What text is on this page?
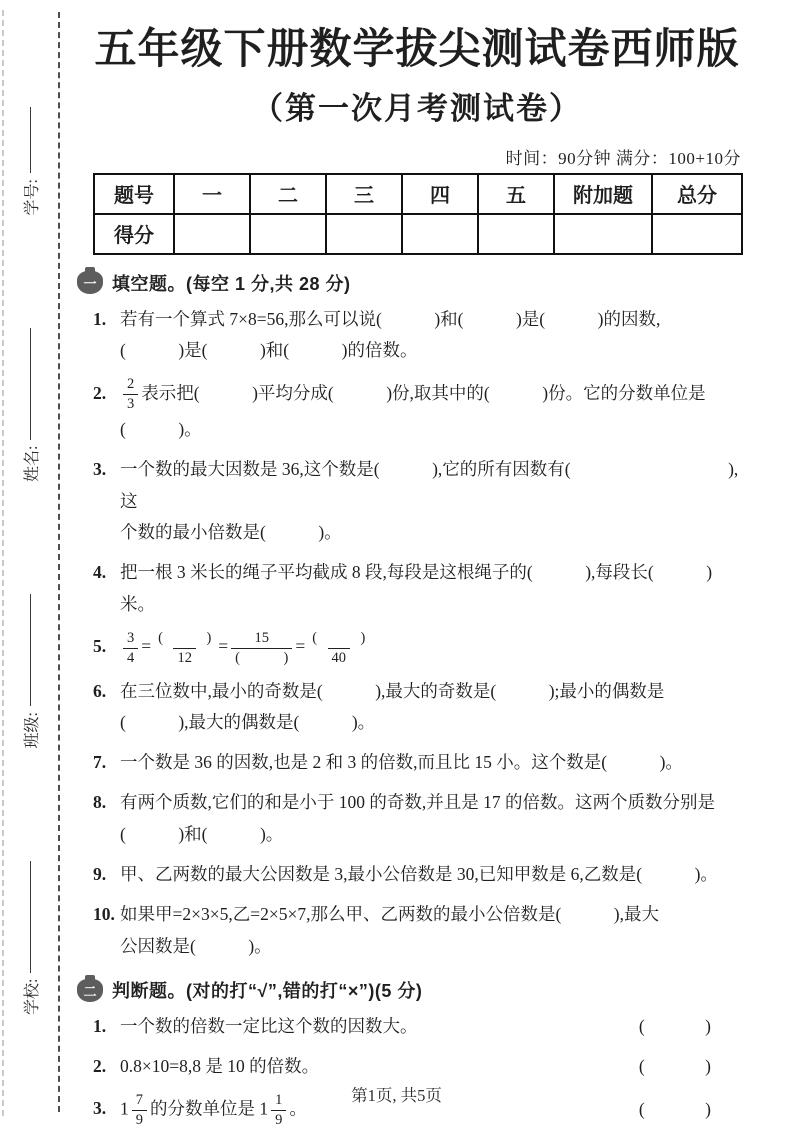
学校:
班级:
姓名:
学号:
五年级下册数学拔尖测试卷西师版
（第一次月考测试卷）
时间：90分钟 满分：100+10分
题号	一	二	三	四	五	附加题	总分
得分							
一 填空题。(每空 1 分,共 28 分)
1. 若有一个算式 7×8=56,那么可以说(　　　)和(　　　)是(　　　)的因数,
(　　　)是(　　　)和(　　　)的倍数。
2. $\frac{2}{3}$ 表示把(　　　)平均分成(　　　)份,取其中的(　　　)份。它的分数单位是
(　　　)。
3. 一个数的最大因数是 36,这个数是(　　　),它的所有因数有(　　　　　　　　　),这
个数的最小倍数是(　　　)。
4. 把一根 3 米长的绳子平均截成 8 段,每段是这根绳子的(　　　),每段长(　　　)米。
5. $\frac{3}{4} = \frac{( )}{12} = \frac{15}{( )} = \frac{( )}{40}$
6. 在三位数中,最小的奇数是(　　　),最大的奇数是(　　　);最小的偶数是
(　　　),最大的偶数是(　　　)。
7. 一个数是 36 的因数,也是 2 和 3 的倍数,而且比 15 小。这个数是(　　　)。
8. 有两个质数,它们的和是小于 100 的奇数,并且是 17 的倍数。这两个质数分别是
(　　　)和(　　　)。
9. 甲、乙两数的最大公因数是 3,最小公倍数是 30,已知甲数是 6,乙数是(　　　)。
10. 如果甲=2×3×5,乙=2×5×7,那么甲、乙两数的最小公倍数是(　　　),最大
公因数是(　　　)。
二 判断题。(对的打“√”,错的打“×”)(5 分)
1. 一个数的倍数一定比这个数的因数大。	(　　　)
2. 0.8×10=8,8 是 10 的倍数。	(　　　)
3. $1 \frac{7}{9}$ 的分数单位是 $1 \frac{1}{9}$ 。	(　　　)
第1页, 共5页
